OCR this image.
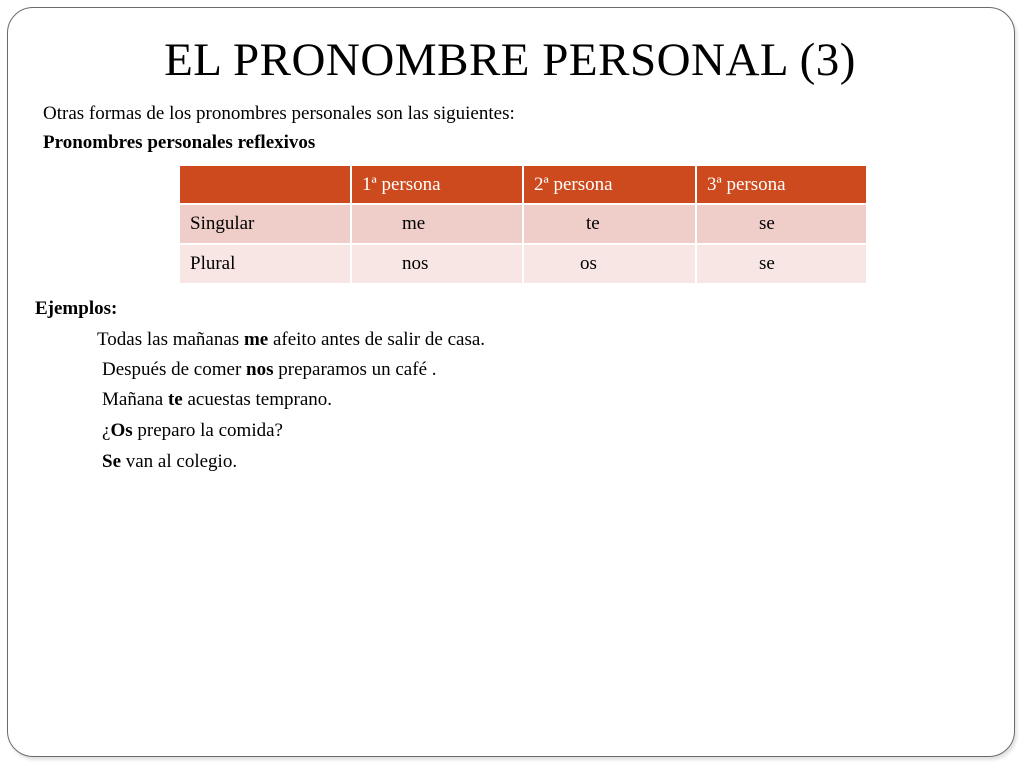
EL PRONOMBRE PERSONAL (3)
Otras formas de los pronombres personales son las siguientes:
Pronombres personales reflexivos
	1ª persona	2ª persona	3ª persona
Singular	me	te	se
Plural	nos	os	se
Ejemplos:
Todas las mañanas me afeito antes de salir de casa.
Después de comer nos preparamos un café .
Mañana te acuestas temprano.
¿Os preparo la comida?
Se van al colegio.
